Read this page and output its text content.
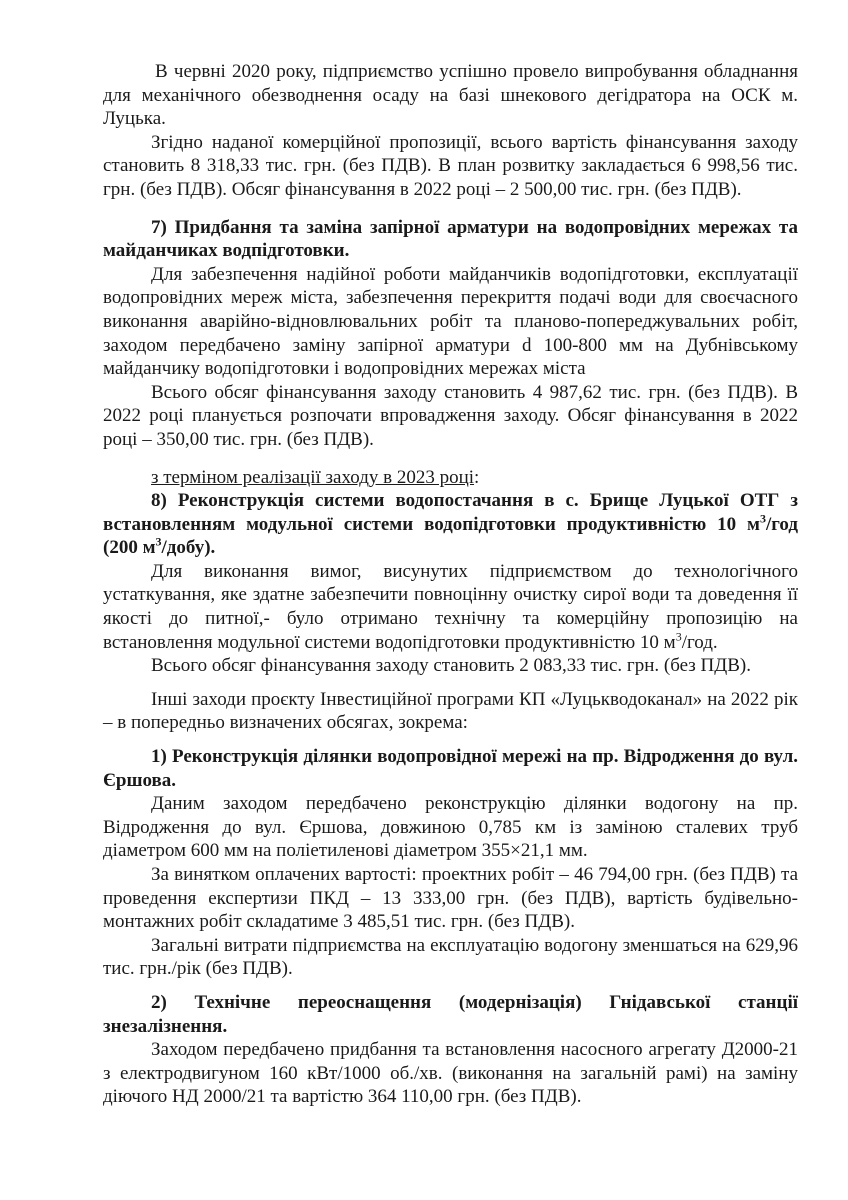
В червні 2020 року, підприємство успішно провело випробування обладнання для механічного обезводнення осаду на базі шнекового дегідратора на ОСК м. Луцька.

Згідно наданої комерційної пропозиції, всього вартість фінансування заходу становить 8 318,33 тис. грн. (без ПДВ). В план розвитку закладається 6 998,56 тис. грн. (без ПДВ). Обсяг фінансування в 2022 році – 2 500,00 тис. грн. (без ПДВ).

7) Придбання та заміна запірної арматури на водопровідних мережах та майданчиках водпідготовки.

Для забезпечення надійної роботи майданчиків водопідготовки, експлуатації водопровідних мереж міста, забезпечення перекриття подачі води для своєчасного виконання аварійно-відновлювальних робіт та планово-попереджувальних робіт, заходом передбачено заміну запірної арматури d 100-800 мм на Дубнівському майданчику водопідготовки і водопровідних мережах міста

Всього обсяг фінансування заходу становить 4 987,62 тис. грн. (без ПДВ). В 2022 році планується розпочати впровадження заходу. Обсяг фінансування в 2022 році – 350,00 тис. грн. (без ПДВ).

з терміном реалізації заходу в 2023 році:

8) Реконструкція системи водопостачання в с. Брище Луцької ОТГ з встановленням модульної системи водопідготовки продуктивністю 10 $м^3$/год (200 $м^3/добу$).

Для виконання вимог, висунутих підприємством до технологічного устаткування, яке здатне забезпечити повноцінну очистку сирої води та доведення її якості до питної,- було отримано технічну та комерційну пропозицію на встановлення модульної системи водопідготовки продуктивністю 10 $м^3$/год.

Всього обсяг фінансування заходу становить 2 083,33 тис. грн. (без ПДВ).

Інші заходи проєкту Інвестиційної програми КП «Луцькводоканал» на 2022 рік – в попередньо визначених обсягах, зокрема:

1) Реконструкція ділянки водопровідної мережі на пр. Відродження до вул. Єршова.

Даним заходом передбачено реконструкцію ділянки водогону на пр. Відродження до вул. Єршова, довжиною 0,785 км із заміною сталевих труб діаметром 600 мм на поліетиленові діаметром 355×21,1 мм.

За винятком оплачених вартості: проектних робіт – 46 794,00 грн. (без ПДВ) та проведення експертизи ПКД – 13 333,00 грн. (без ПДВ), вартість будівельно-монтажних робіт складатиме 3 485,51 тис. грн. (без ПДВ).

Загальні витрати підприємства на експлуатацію водогону зменшаться на 629,96 тис. грн./рік (без ПДВ).

2) Технічне переоснащення (модернізація) Гнідавської станції знезалізнення.

Заходом передбачено придбання та встановлення насосного агрегату Д2000-21 з електродвигуном 160 кВт/1000 об./хв. (виконання на загальній рамі) на заміну діючого НД 2000/21 та вартістю 364 110,00 грн. (без ПДВ).
